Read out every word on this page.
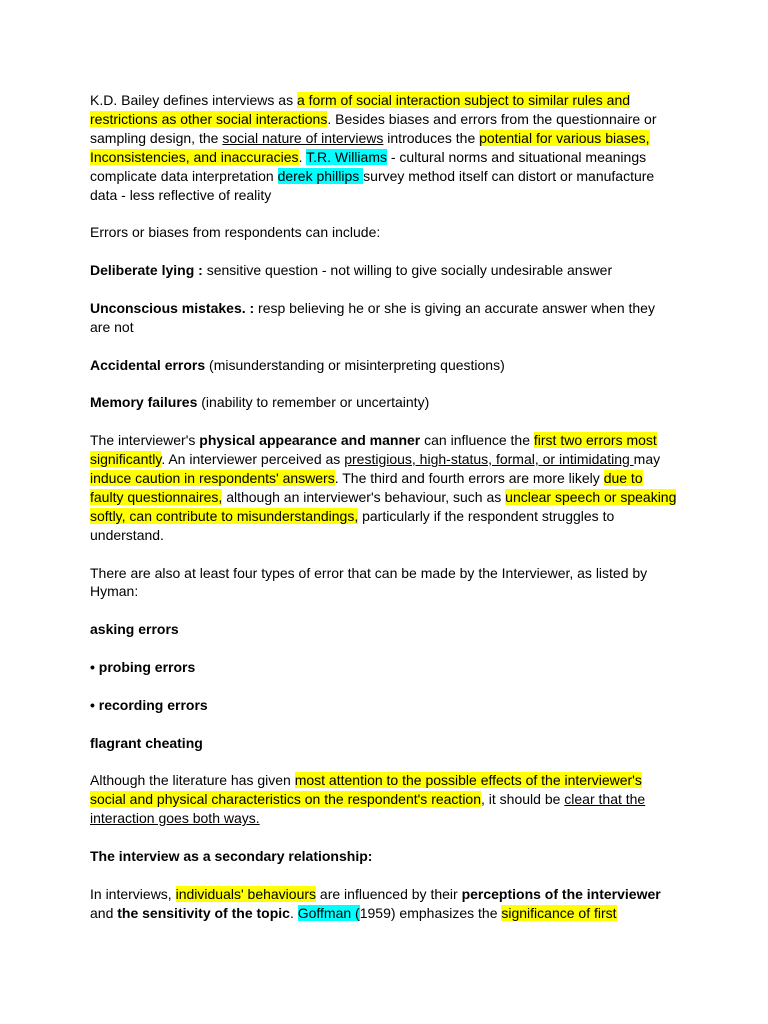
K.D. Bailey defines interviews as a form of social interaction subject to similar rules and restrictions as other social interactions. Besides biases and errors from the questionnaire or sampling design, the social nature of interviews introduces the potential for various biases, Inconsistencies, and inaccuracies. T.R. Williams - cultural norms and situational meanings complicate data interpretation derek phillips survey method itself can distort or manufacture data - less reflective of reality

Errors or biases from respondents can include:

Deliberate lying : sensitive question - not willing to give socially undesirable answer

Unconscious mistakes. : resp believing he or she is giving an accurate answer when they are not

Accidental errors (misunderstanding or misinterpreting questions)

Memory failures (inability to remember or uncertainty)

The interviewer's physical appearance and manner can influence the first two errors most significantly. An interviewer perceived as prestigious, high-status, formal, or intimidating may induce caution in respondents' answers. The third and fourth errors are more likely due to faulty questionnaires, although an interviewer's behaviour, such as unclear speech or speaking softly, can contribute to misunderstandings, particularly if the respondent struggles to understand.

There are also at least four types of error that can be made by the Interviewer, as listed by Hyman:

asking errors

• probing errors

• recording errors

flagrant cheating

Although the literature has given most attention to the possible effects of the interviewer's social and physical characteristics on the respondent's reaction, it should be clear that the interaction goes both ways.

The interview as a secondary relationship:

In interviews, individuals' behaviours are influenced by their perceptions of the interviewer and the sensitivity of the topic. Goffman (1959) emphasizes the significance of first
